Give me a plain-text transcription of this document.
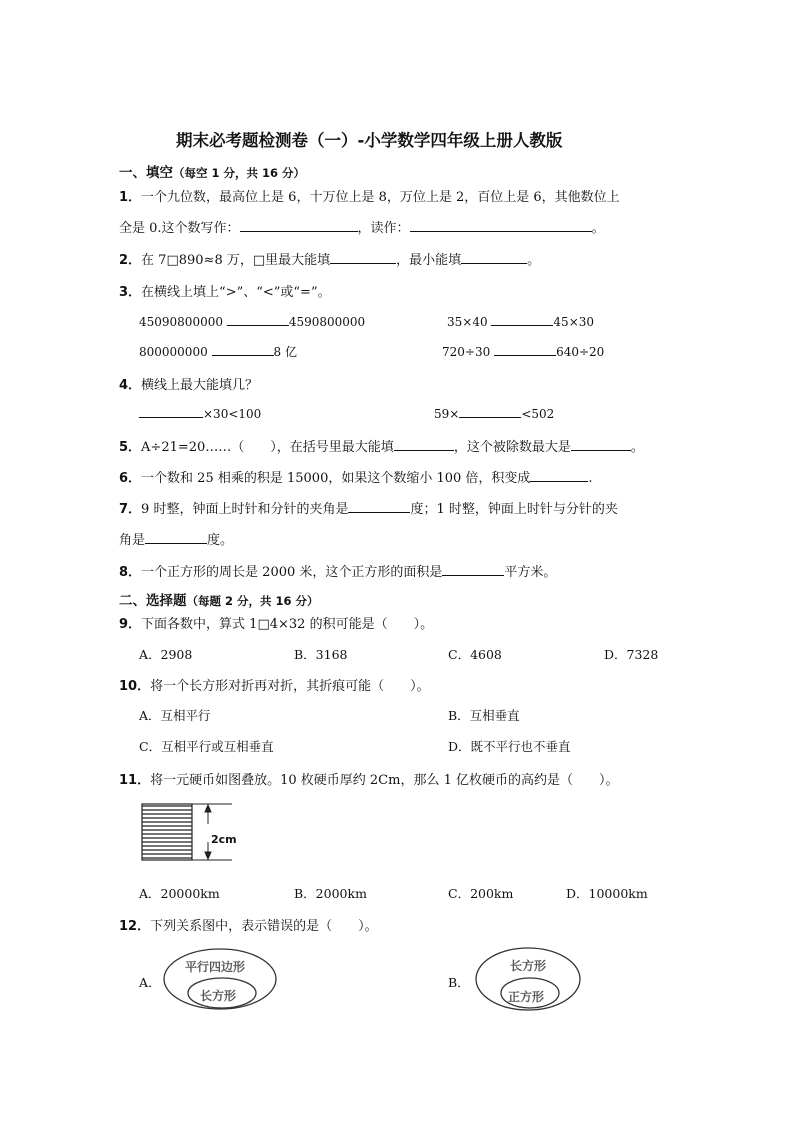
期末必考题检测卷（一）-小学数学四年级上册人教版
一、填空（每空 1 分，共 16 分）
1．一个九位数，最高位上是 6，十万位上是 8，万位上是 2，百位上是 6，其他数位上
全是 0.这个数写作：	，读作：	。
2．在 7□890≈8 万，□里最大能填	，最小能填	。
3．在横线上填上“>”、“<”或“=”。
45090800000	4590800000	35×40	45×30
800000000	8 亿	720÷30	640÷20
4．横线上最大能填几？
×30<100	59×	<502
5．A÷21=20……（　　），在括号里最大能填	，这个被除数最大是	。
6．一个数和 25 相乘的积是 15000，如果这个数缩小 100 倍，积变成	.
7．9 时整，钟面上时针和分针的夹角是	度；1 时整，钟面上时针与分针的夹
角是	度。
8．一个正方形的周长是 2000 米，这个正方形的面积是	平方米。
二、选择题（每题 2 分，共 16 分）
9．下面各数中，算式 1□4×32 的积可能是（　　）。
A．2908	B．3168	C．4608	D．7328
10．将一个长方形对折再对折，其折痕可能（　　）。
A．互相平行	B．互相垂直
C．互相平行或互相垂直	D．既不平行也不垂直
11．将一元硬币如图叠放。10 枚硬币厚约 2Cm，那么 1 亿枚硬币的高约是（　　）。
2cm
A．20000km	B．2000km	C．200km	D．10000km
12．下列关系图中，表示错误的是（　　）。
A．
平行四边形
长方形
B．
长方形
正方形
